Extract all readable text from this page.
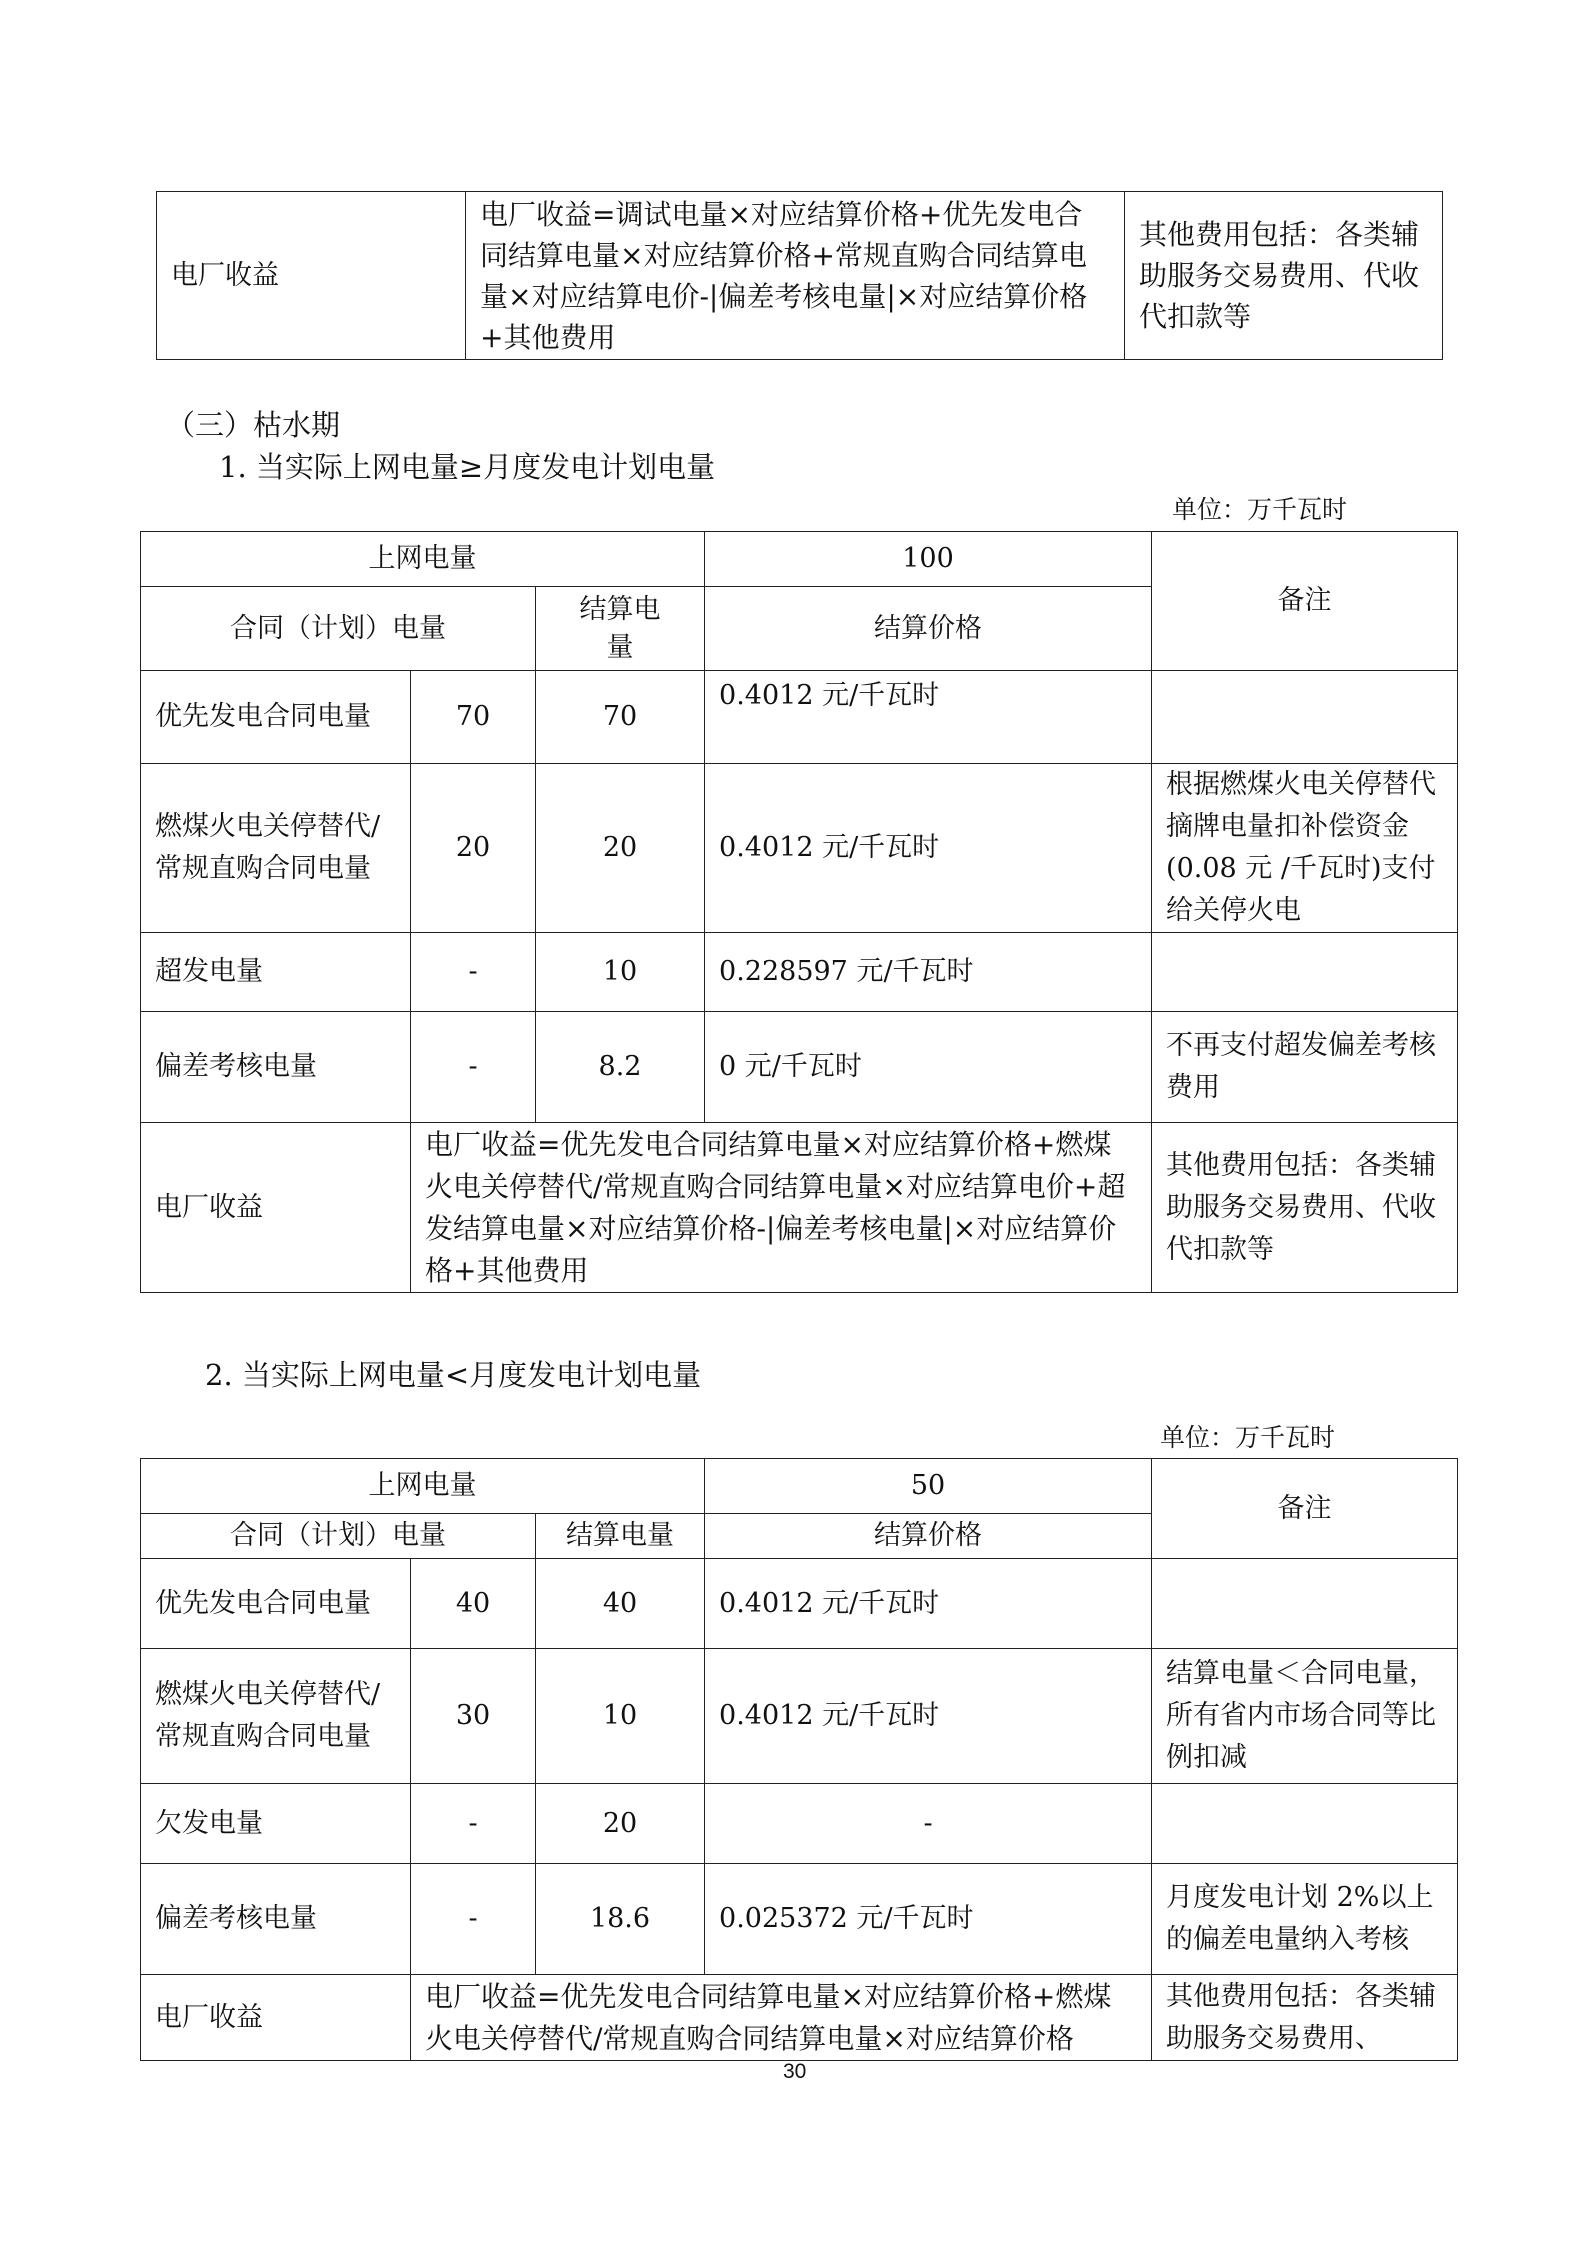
电厂收益	电厂收益=调试电量×对应结算价格+优先发电合同结算电量×对应结算价格+常规直购合同结算电量×对应结算电价-|偏差考核电量|×对应结算价格+其他费用	其他费用包括：各类辅助服务交易费用、代收代扣款等
（三）枯水期
1. 当实际上网电量≥月度发电计划电量
单位：万千瓦时
上网电量			100	备注
合同（计划）电量		结算电量	结算价格	
优先发电合同电量	70	70	0.4012 元/千瓦时	
燃煤火电关停替代/常规直购合同电量	20	20	0.4012 元/千瓦时	根据燃煤火电关停替代摘牌电量扣补偿资金(0.08 元 /千瓦时)支付给关停火电
超发电量	-	10	0.228597 元/千瓦时	
偏差考核电量	-	8.2	0 元/千瓦时	不再支付超发偏差考核费用
电厂收益	电厂收益=优先发电合同结算电量×对应结算价格+燃煤火电关停替代/常规直购合同结算电量×对应结算电价+超发结算电量×对应结算价格-|偏差考核电量|×对应结算价格+其他费用			其他费用包括：各类辅助服务交易费用、代收代扣款等
2. 当实际上网电量<月度发电计划电量
单位：万千瓦时
上网电量			50	备注
合同（计划）电量		结算电量	结算价格	
优先发电合同电量	40	40	0.4012 元/千瓦时	
燃煤火电关停替代/常规直购合同电量	30	10	0.4012 元/千瓦时	结算电量＜合同电量，所有省内市场合同等比例扣减
欠发电量	-	20	-	
偏差考核电量	-	18.6	0.025372 元/千瓦时	月度发电计划 2%以上的偏差电量纳入考核
电厂收益	电厂收益=优先发电合同结算电量×对应结算价格+燃煤火电关停替代/常规直购合同结算电量×对应结算价格			其他费用包括：各类辅助服务交易费用、
30
